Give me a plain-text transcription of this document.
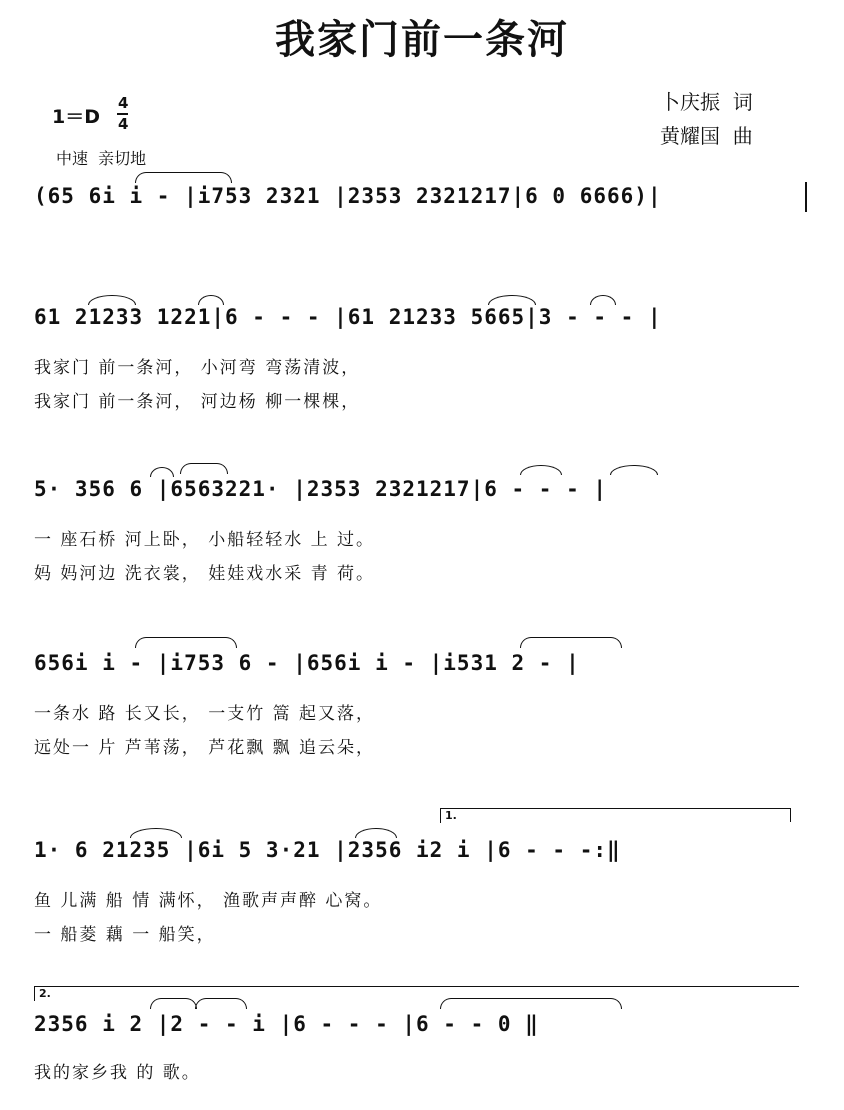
我家门前一条河
1＝D
4
4
中速  亲切地
卜庆振  词
黄耀国  曲
(65 6i i - |i753 2321 |2353 2321217|6 0 6666)|
61 21233 1221|6 - - - |61 21233 5665|3 - - - |
我家门 前一条河， 小河弯 弯荡清波，
我家门 前一条河， 河边杨 柳一棵棵，
5· 356 6 |6563221· |2353 2321217|6 - - - |
一 座石桥 河上卧， 小船轻轻水 上 过。
妈 妈河边 洗衣裳， 娃娃戏水采 青 荷。
656i i - |i753 6 - |656i i - |i531 2 - |
一条水 路 长又长， 一支竹 篙 起又落，
远处一 片 芦苇荡， 芦花飘 飘 追云朵，
1.
1· 6 21235 |6i 5 3·21 |2356 i2 i |6 - - -:‖
鱼 儿满 船 情 满怀， 渔歌声声醉 心窝。
一 船菱 藕 一 船笑，
2.
2356 i 2 |2 - - i |6 - - - |6 - - 0 ‖
我的家乡我 的 歌。
